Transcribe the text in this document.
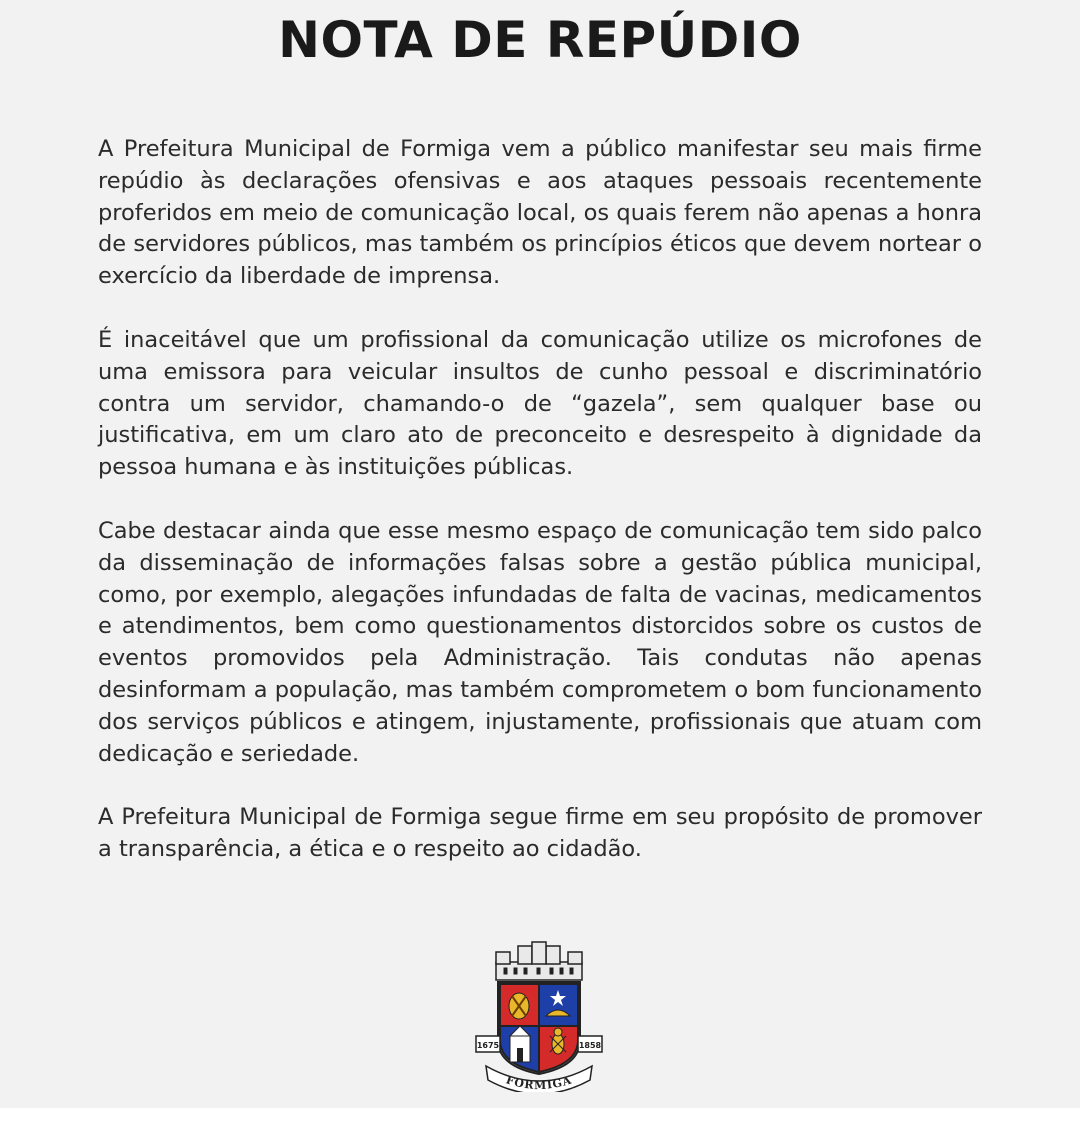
NOTA DE REPÚDIO

A Prefeitura Municipal de Formiga vem a público manifestar seu mais firme repúdio às declarações ofensivas e aos ataques pessoais recentemente proferidos em meio de comunicação local, os quais ferem não apenas a honra de servidores públicos, mas também os princípios éticos que devem nortear o exercício da liberdade de imprensa.

É inaceitável que um profissional da comunicação utilize os microfones de uma emissora para veicular insultos de cunho pessoal e discriminatório contra um servidor, chamando-o de “gazela”, sem qualquer base ou justificativa, em um claro ato de preconceito e desrespeito à dignidade da pessoa humana e às instituições públicas.

Cabe destacar ainda que esse mesmo espaço de comunicação tem sido palco da disseminação de informações falsas sobre a gestão pública municipal, como, por exemplo, alegações infundadas de falta de vacinas, medicamentos e atendimentos, bem como questionamentos distorcidos sobre os custos de eventos promovidos pela Administração. Tais condutas não apenas desinformam a população, mas também comprometem o bom funcionamento dos serviços públicos e atingem, injustamente, profissionais que atuam com dedicação e seriedade.

A Prefeitura Municipal de Formiga segue firme em seu propósito de promover a transparência, a ética e o respeito ao cidadão.

1675	1858
FORMIGA
